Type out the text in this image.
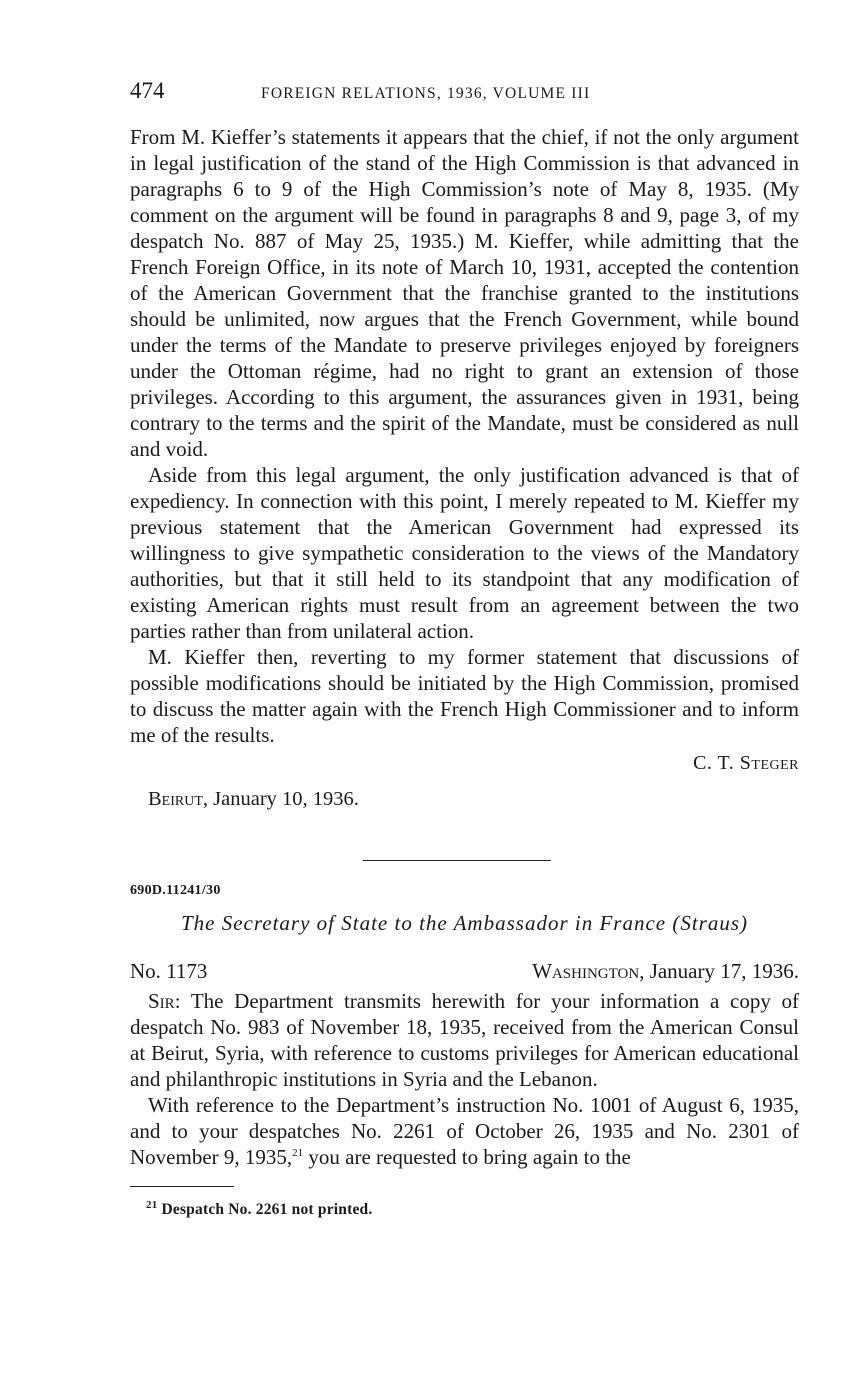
474	FOREIGN RELATIONS, 1936, VOLUME III

From M. Kieffer’s statements it appears that the chief, if not the only argument in legal justification of the stand of the High Commission is that advanced in paragraphs 6 to 9 of the High Commission’s note of May 8, 1935. (My comment on the argument will be found in paragraphs 8 and 9, page 3, of my despatch No. 887 of May 25, 1935.) M. Kieffer, while admitting that the French Foreign Office, in its note of March 10, 1931, accepted the contention of the American Government that the franchise granted to the institutions should be unlimited, now argues that the French Government, while bound under the terms of the Mandate to preserve privileges enjoyed by foreigners under the Ottoman régime, had no right to grant an extension of those privileges. According to this argument, the assurances given in 1931, being contrary to the terms and the spirit of the Mandate, must be considered as null and void.

Aside from this legal argument, the only justification advanced is that of expediency. In connection with this point, I merely repeated to M. Kieffer my previous statement that the American Government had expressed its willingness to give sympathetic consideration to the views of the Mandatory authorities, but that it still held to its standpoint that any modification of existing American rights must result from an agreement between the two parties rather than from unilateral action.

M. Kieffer then, reverting to my former statement that discussions of possible modifications should be initiated by the High Commission, promised to discuss the matter again with the French High Commissioner and to inform me of the results.

C. T. Steger
Beirut, January 10, 1936.
690D.11241/30
The Secretary of State to the Ambassador in France (Straus)
No. 1173	Washington, January 17, 1936.

Sir: The Department transmits herewith for your information a copy of despatch No. 983 of November 18, 1935, received from the American Consul at Beirut, Syria, with reference to customs privileges for American educational and philanthropic institutions in Syria and the Lebanon.

With reference to the Department’s instruction No. 1001 of August 6, 1935, and to your despatches No. 2261 of October 26, 1935 and No. 2301 of November 9, 1935,21 you are requested to bring again to the

$^{21}$ Despatch No. 2261 not printed.
